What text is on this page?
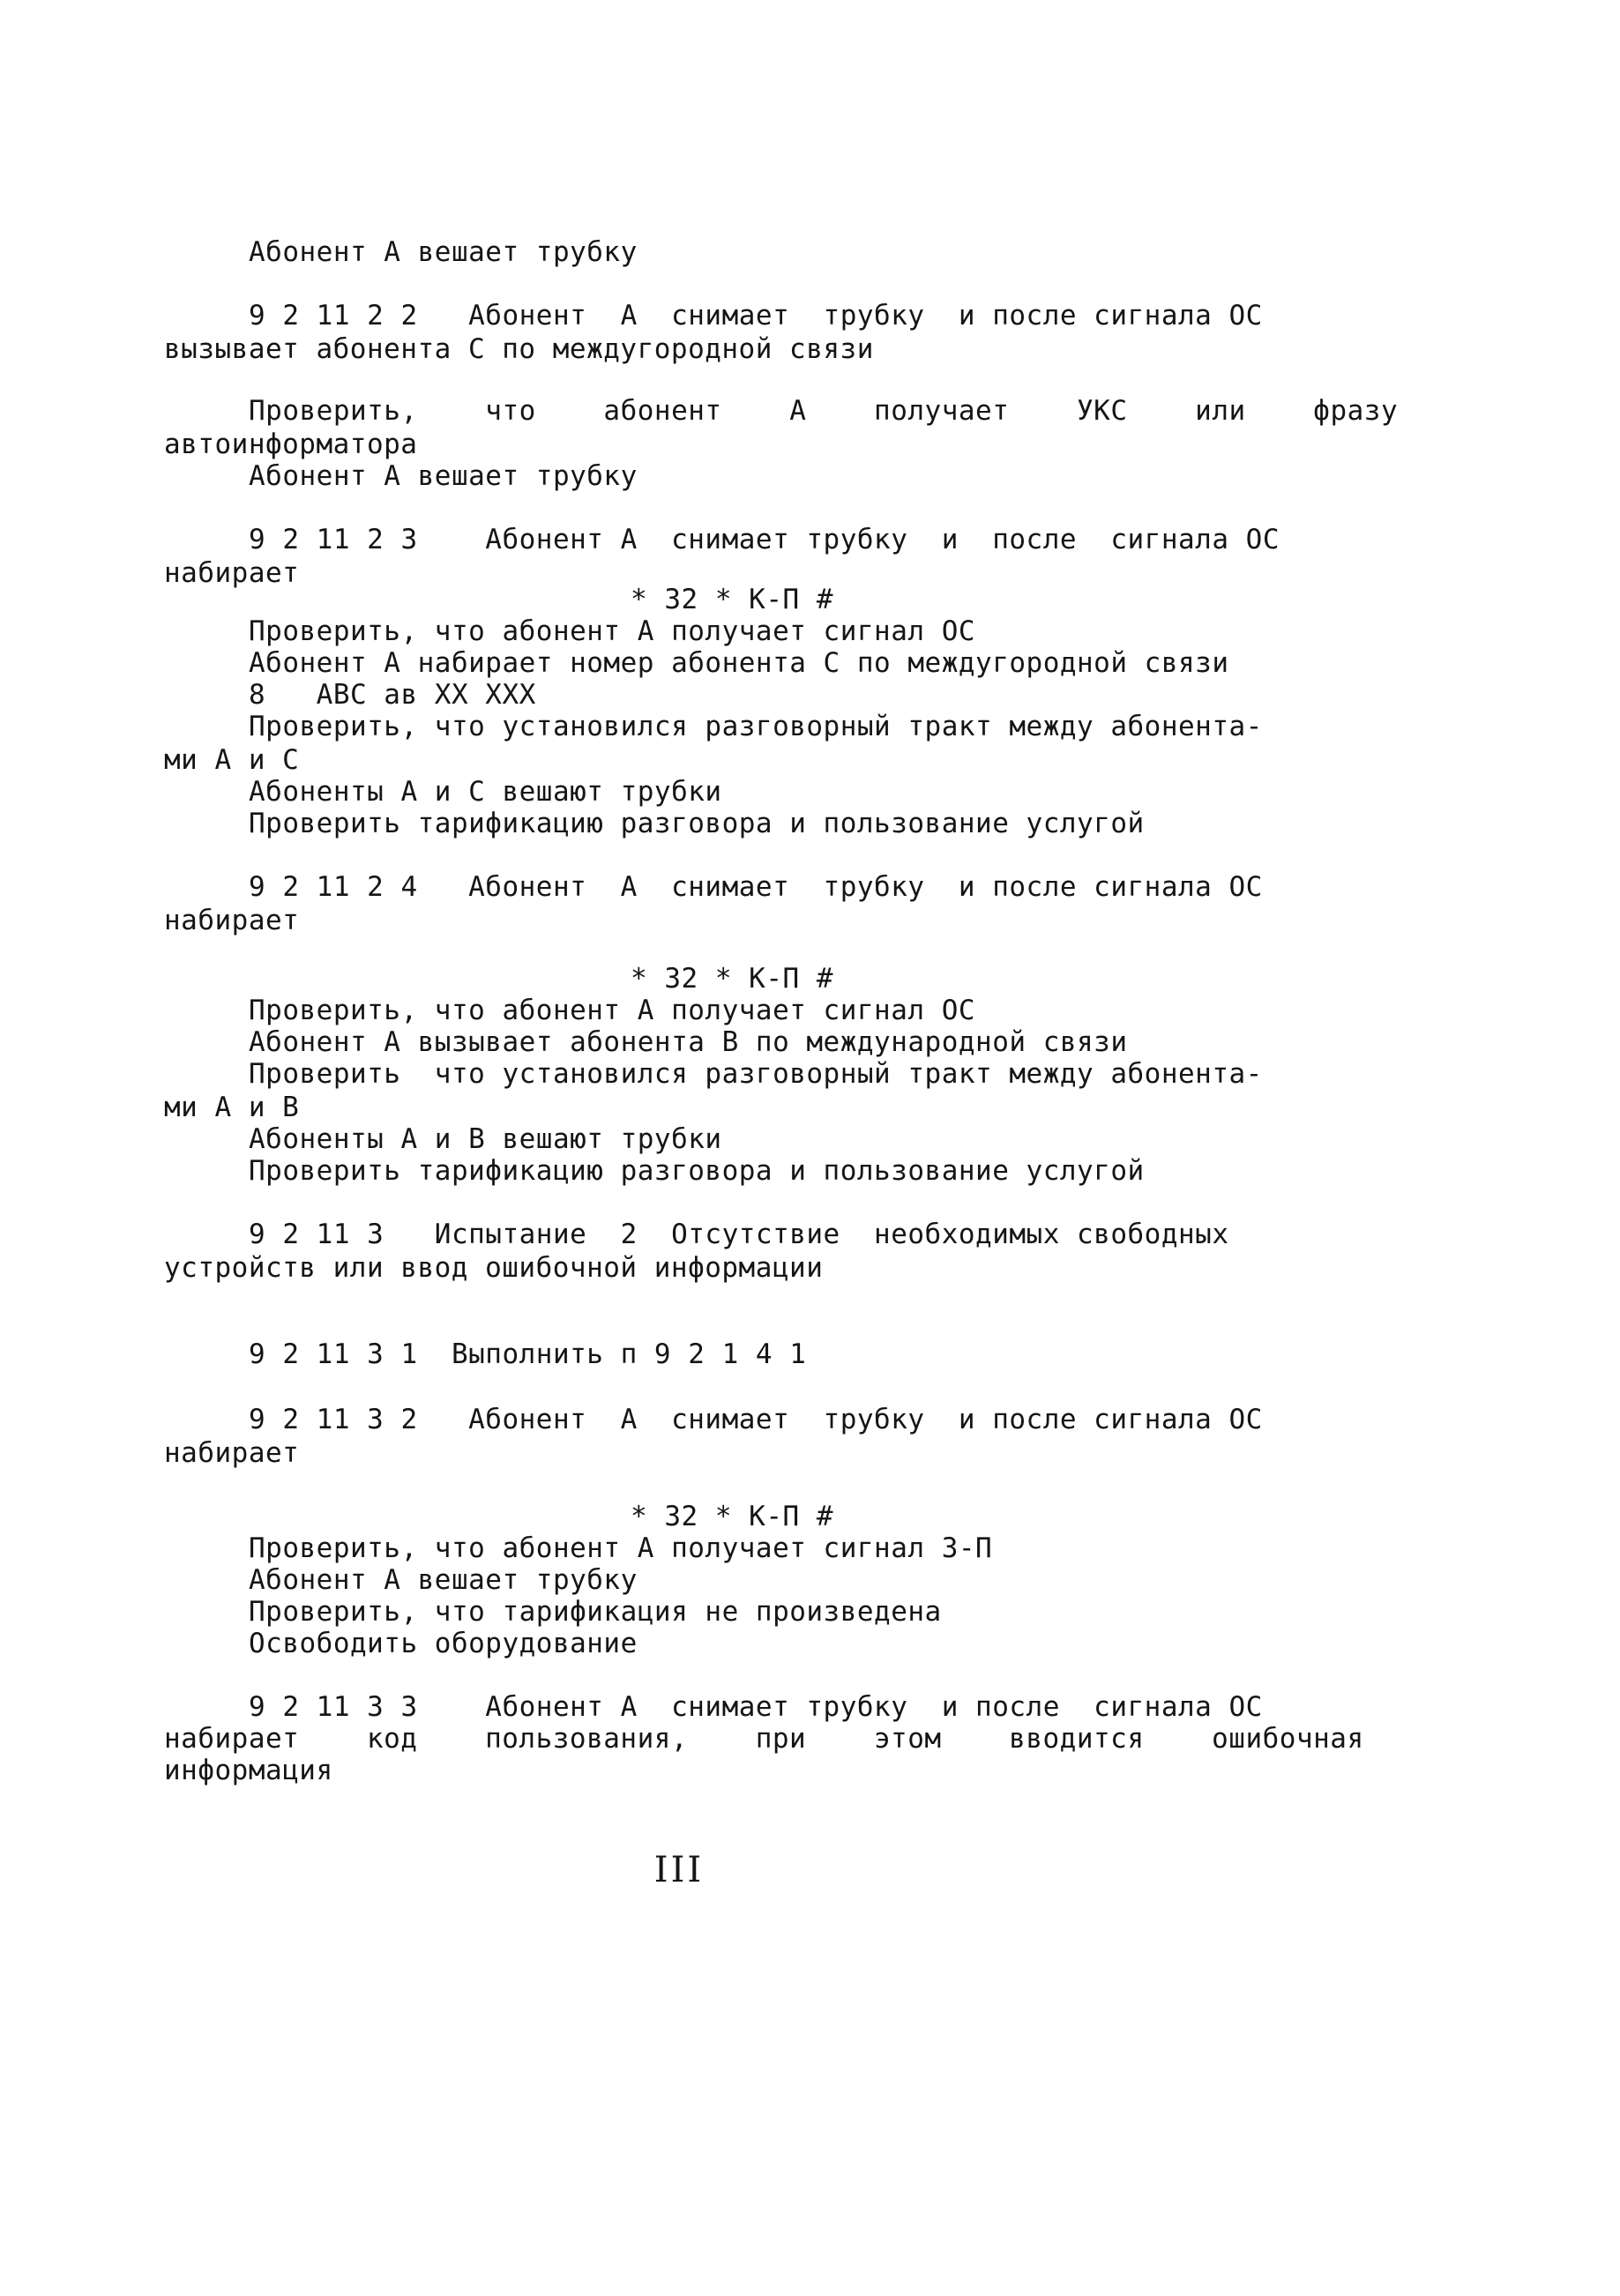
Абонент А вешает трубку
9 2 11 2 2   Абонент  А  снимает  трубку  и после сигнала ОС
вызывает абонента С по междугородной связи
Проверить,    что    абонент    А    получает    УКС    или    фразу
автоинформатора
Абонент А вешает трубку
9 2 11 2 3    Абонент А  снимает трубку  и  после  сигнала ОС
набирает
* 32 * К-П #
Проверить, что абонент А получает сигнал ОС
Абонент А набирает номер абонента С по междугородной связи
8   АВС ав ХХ ХХХ
Проверить, что установился разговорный тракт между абонента-
ми А и С
Абоненты А и С вешают трубки
Проверить тарификацию разговора и пользование услугой
9 2 11 2 4   Абонент  А  снимает  трубку  и после сигнала ОС
набирает
* 32 * К-П #
Проверить, что абонент А получает сигнал ОС
Абонент А вызывает абонента В по международной связи
Проверить  что установился разговорный тракт между абонента-
ми А и В
Абоненты А и В вешают трубки
Проверить тарификацию разговора и пользование услугой
9 2 11 3   Испытание  2  Отсутствие  необходимых свободных
устройств или ввод ошибочной информации
9 2 11 3 1  Выполнить п 9 2 1 4 1
9 2 11 3 2   Абонент  А  снимает  трубку  и после сигнала ОС
набирает
* 32 * К-П #
Проверить, что абонент А получает сигнал З-П
Абонент А вешает трубку
Проверить, что тарификация не произведена
Освободить оборудование
9 2 11 3 3    Абонент А  снимает трубку  и после  сигнала ОС
набирает    код    пользования,    при    этом    вводится    ошибочная
информация
III
